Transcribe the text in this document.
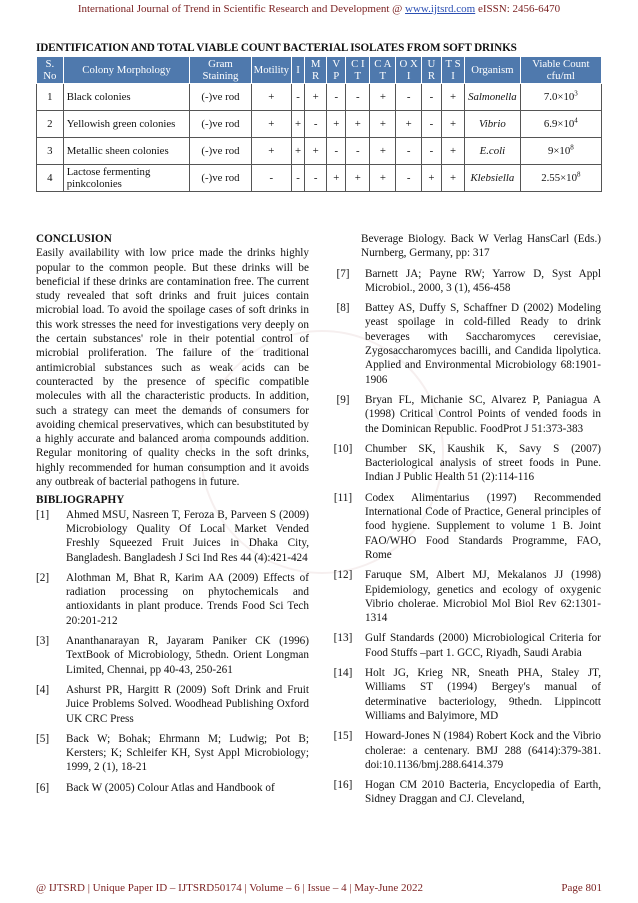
International Journal of Trend in Scientific Research and Development @ www.ijtsrd.com eISSN: 2456-6470
IDENTIFICATION AND TOTAL VIABLE COUNT BACTERIAL ISOLATES FROM SOFT DRINKS
S. No	Colony Morphology	Gram Staining	Motility	I	M R	V P	C I T	C A T	O X I	U R	T S I	Organism	Viable Count cfu/ml
1	Black colonies	(-)ve rod	+	-	+	-	-	+	-	-	+	Salmonella	$7.0\times 10^3$
2	Yellowish green colonies	(-)ve rod	+	+	-	+	+	+	+	-	+	Vibrio	$6.9\times 10^4$
3	Metallic sheen colonies	(-)ve rod	+	+	+	-	-	+	-	-	+	E.coli	$9\times 10^8$
4	Lactose fermenting pinkcolonies	(-)ve rod	-	-	-	+	+	+	-	+	+	Klebsiella	$2.55\times 10^8$
CONCLUSION
Easily availability with low price made the drinks highly popular to the common people. But these drinks will be beneficial if these drinks are contamination free. The current study revealed that soft drinks and fruit juices contain microbial load. To avoid the spoilage cases of soft drinks in this work stresses the need for investigations very deeply on the certain substances' role in their potential control of microbial proliferation. The failure of the traditional antimicrobial substances such as weak acids can be counteracted by the presence of specific compatible molecules with all the characteristic products. In addition, such a strategy can meet the demands of consumers for avoiding chemical preservatives, which can besubstituted by a highly accurate and balanced aroma compounds addition. Regular monitoring of quality checks in the soft drinks, highly recommended for human consumption and it avoids any outbreak of bacterial pathogens in future.
BIBLIOGRAPHY
[1]	Ahmed MSU, Nasreen T, Feroza B, Parveen S (2009) Microbiology Quality Of Local Market Vended Freshly Squeezed Fruit Juices in Dhaka City, Bangladesh. Bangladesh J Sci Ind Res 44 (4):421-424
[2]	Alothman M, Bhat R, Karim AA (2009) Effects of radiation processing on phytochemicals and antioxidants in plant produce. Trends Food Sci Tech 20:201-212
[3]	Ananthanarayan R, Jayaram Paniker CK (1996) TextBook of Microbiology, 5thedn. Orient Longman Limited, Chennai, pp 40-43, 250-261
[4]	Ashurst PR, Hargitt R (2009) Soft Drink and Fruit Juice Problems Solved. Woodhead Publishing Oxford UK CRC Press
[5]	Back W; Bohak; Ehrmann M; Ludwig; Pot B; Kersters; K; Schleifer KH, Syst Appl Microbiology; 1999, 2 (1), 18-21
[6]	Back W (2005) Colour Atlas and Handbook of
Beverage Biology. Back W Verlag HansCarl (Eds.) Nurnberg, Germany, pp: 317
[7]	Barnett JA; Payne RW; Yarrow D, Syst Appl Microbiol., 2000, 3 (1), 456-458
[8]	Battey AS, Duffy S, Schaffner D (2002) Modeling yeast spoilage in cold-filled Ready to drink beverages with Saccharomyces cerevisiae, Zygosaccharomyces bacilli, and Candida lipolytica. Applied and Environmental Microbiology 68:1901-1906
[9]	Bryan FL, Michanie SC, Alvarez P, Paniagua A (1998) Critical Control Points of vended foods in the Dominican Republic. FoodProt J 51:373-383
[10]	Chumber SK, Kaushik K, Savy S (2007) Bacteriological analysis of street foods in Pune. Indian J Public Health 51 (2):114-116
[11]	Codex Alimentarius (1997) Recommended International Code of Practice, General principles of food hygiene. Supplement to volume 1 B. Joint FAO/WHO Food Standards Programme, FAO, Rome
[12]	Faruque SM, Albert MJ, Mekalanos JJ (1998) Epidemiology, genetics and ecology of oxygenic Vibrio cholerae. Microbiol Mol Biol Rev 62:1301-1314
[13]	Gulf Standards (2000) Microbiological Criteria for Food Stuffs –part 1. GCC, Riyadh, Saudi Arabia
[14]	Holt JG, Krieg NR, Sneath PHA, Staley JT, Williams ST (1994) Bergey's manual of determinative bacteriology, 9thedn. Lippincott Williams and Balyimore, MD
[15]	Howard-Jones N (1984) Robert Kock and the Vibrio cholerae: a centenary. BMJ 288 (6414):379-381. doi:10.1136/bmj.288.6414.379
[16]	Hogan CM 2010 Bacteria, Encyclopedia of Earth, Sidney Draggan and CJ. Cleveland,
@ IJTSRD | Unique Paper ID – IJTSRD50174 | Volume – 6 | Issue – 4 | May-June 2022	Page 801
